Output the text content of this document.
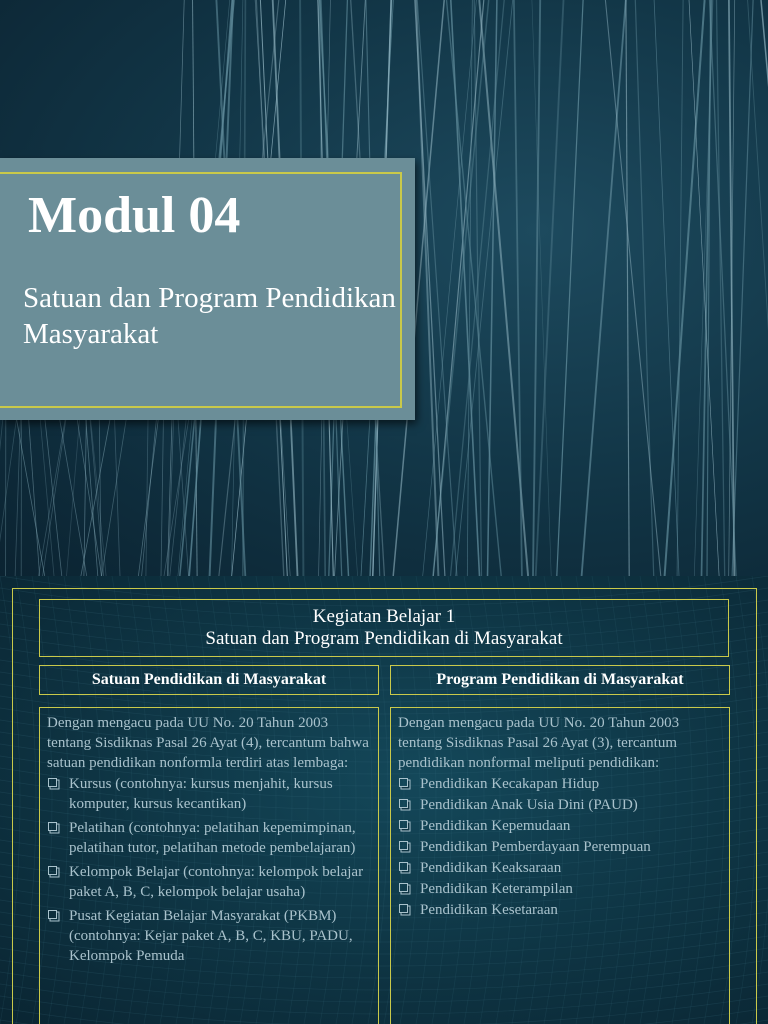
Modul 04
Satuan dan Program Pendidikan Masyarakat
Kegiatan Belajar 1
Satuan dan Program Pendidikan di Masyarakat
Satuan Pendidikan di Masyarakat	Program Pendidikan di Masyarakat

Dengan mengacu pada UU No. 20 Tahun 2003 tentang Sisdiknas Pasal 26 Ayat (4), tercantum bahwa satuan pendidikan nonformla terdiri atas lembaga:

Kursus (contohnya: kursus menjahit, kursus komputer, kursus kecantikan)
Pelatihan (contohnya: pelatihan kepemimpinan, pelatihan tutor, pelatihan metode pembelajaran)
Kelompok Belajar (contohnya: kelompok belajar paket A, B, C, kelompok belajar usaha)
Pusat Kegiatan Belajar Masyarakat (PKBM) (contohnya: Kejar paket A, B, C, KBU, PADU, Kelompok Pemuda

Dengan mengacu pada UU No. 20 Tahun 2003 tentang Sisdiknas Pasal 26 Ayat (3), tercantum pendidikan nonformal meliputi pendidikan:

Pendidikan Kecakapan Hidup
Pendidikan Anak Usia Dini (PAUD)
Pendidikan Kepemudaan
Pendidikan Pemberdayaan Perempuan
Pendidikan Keaksaraan
Pendidikan Keterampilan
Pendidikan Kesetaraan
